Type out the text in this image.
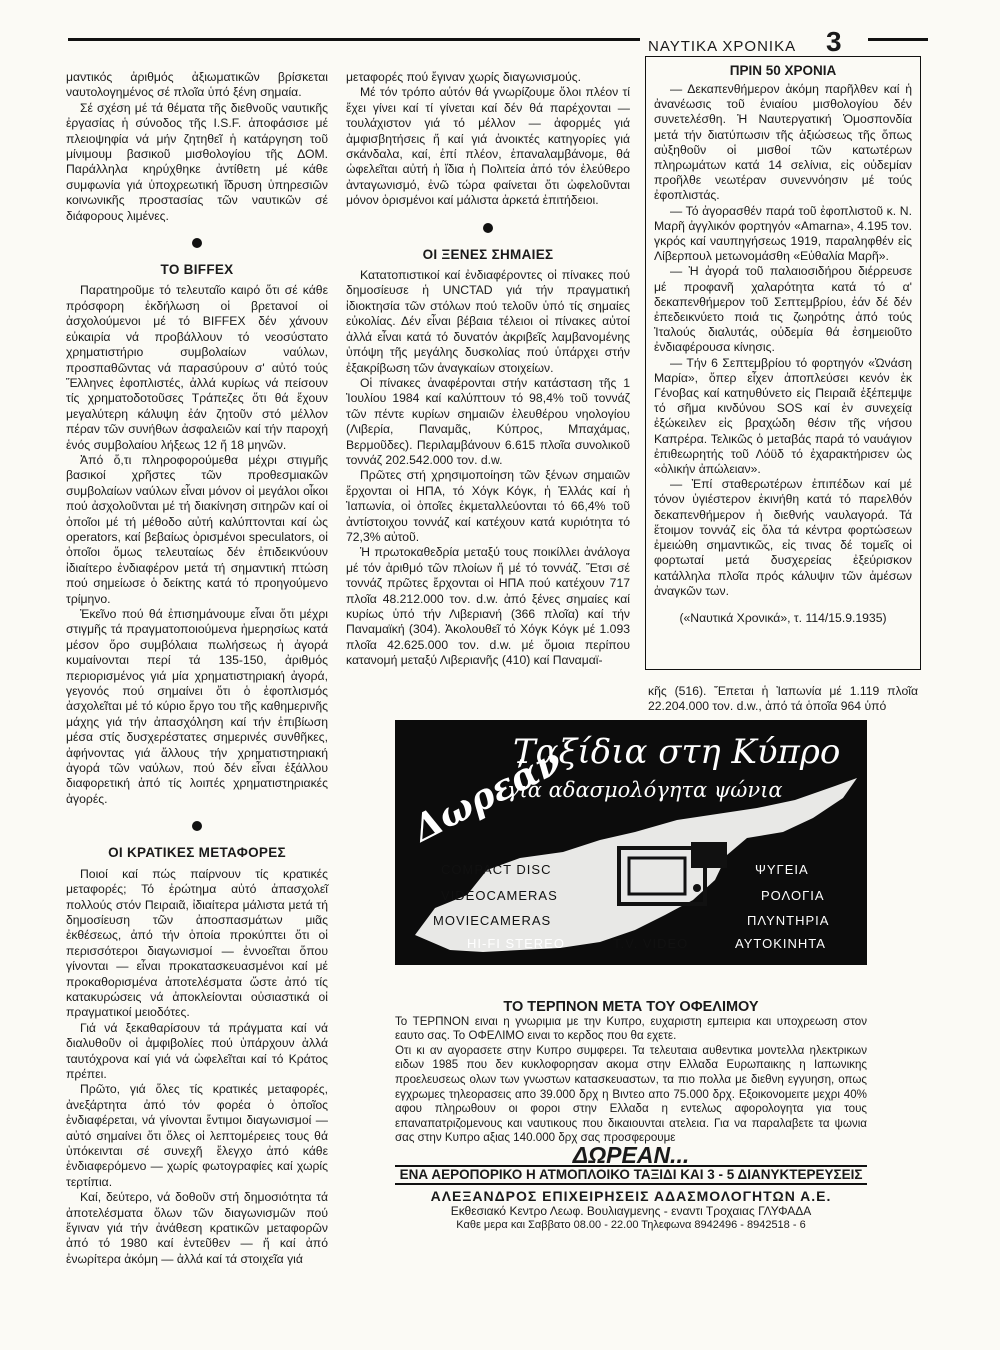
ΝΑΥΤΙΚΑ ΧΡΟΝΙΚΑ 3

μαντικός ἀριθμός ἀξιωματικῶν βρίσκεται ναυτολογημένος σέ πλοῖα ὑπό ξένη σημαία.

Σέ σχέση μέ τά θέματα τῆς διεθνοῦς ναυτικῆς ἐργασίας ἡ σύνοδος τῆς I.S.F. ἀποφάσισε μέ πλειοψηφία νά μήν ζητηθεῖ ἡ κατάργηση τοῦ μίνιμουμ βασικοῦ μισθολογίου τῆς ΔΟΜ. Παράλληλα κηρύχθηκε ἀντίθετη μέ κάθε συμφωνία γιά ὑποχρεωτική ἵδρυση ὑπηρεσιῶν κοινωνικῆς προστασίας τῶν ναυτικῶν σέ διάφορους λιμένες.

ΤΟ BIFFEX

Παρατηροῦμε τό τελευταῖο καιρό ὅτι σέ κάθε πρόσφορη ἐκδήλωση οἱ βρετανοί οἱ ἀσχολούμενοι μέ τό BIFFEX δέν χάνουν εὐκαιρία νά προβάλλουν τό νεοσύστατο χρηματιστήριο συμβολαίων ναύλων, προσπαθῶντας νά παρασύρουν σ' αὐτό τούς Ἕλληνες ἐφοπλιστές, ἀλλά κυρίως νά πείσουν τίς χρηματοδοτοῦσες Τράπεζες ὅτι θά ἔχουν μεγαλύτερη κάλυψη ἐάν ζητοῦν στό μέλλον πέραν τῶν συνήθων ἀσφαλειῶν καί τήν παροχή ἑνός συμβολαίου λήξεως 12 ἤ 18 μηνῶν.

Ἀπό ὅ,τι πληροφορούμεθα μέχρι στιγμῆς βασικοί χρῆστες τῶν προθεσμιακῶν συμβολαίων ναύλων εἶναι μόνον οἱ μεγάλοι οἶκοι πού ἀσχολοῦνται μέ τή διακίνηση σιτηρῶν καί οἱ ὁποῖοι μέ τή μέθοδο αὐτή καλύπτονται καί ὡς operators, καί βεβαίως ὁρισμένοι speculators, οἱ ὁποῖοι ὅμως τελευταίως δέν ἐπιδεικνύουν ἰδιαίτερο ἐνδιαφέρον μετά τή σημαντική πτώση πού σημείωσε ὁ δείκτης κατά τό προηγούμενο τρίμηνο.

Ἐκεῖνο πού θά ἐπισημάνουμε εἶναι ὅτι μέχρι στιγμῆς τά πραγματοποιούμενα ἡμερησίως κατά μέσον ὅρο συμβόλαια πωλήσεως ἡ ἀγορά κυμαίνονται περί τά 135-150, ἀριθμός περιορισμένος γιά μία χρηματιστηριακή ἀγορά, γεγονός πού σημαίνει ὅτι ὁ ἐφοπλισμός ἀσχολεῖται μέ τό κύριο ἔργο του τῆς καθημερινῆς μάχης γιά τήν ἀπασχόληση καί τήν ἐπιβίωση μέσα στίς δυσχερέστατες σημερινές συνθῆκες, ἀφήνοντας γιά ἄλλους τήν χρηματιστηριακή ἀγορά τῶν ναύλων, πού δέν εἶναι ἐξάλλου διαφορετική ἀπό τίς λοιπές χρηματιστηριακές ἀγορές.

ΟΙ ΚΡΑΤΙΚΕΣ ΜΕΤΑΦΟΡΕΣ

Ποιοί καί πώς παίρνουν τίς κρατικές μεταφορές; Τό ἐρώτημα αὐτό ἀπασχολεῖ πολλούς στόν Πειραιᾶ, ἰδιαίτερα μάλιστα μετά τή δημοσίευση τῶν ἀποσπασμάτων μιᾶς ἐκθέσεως, ἀπό τήν ὁποία προκύπτει ὅτι οἱ περισσότεροι διαγωνισμοί — ἐννοεῖται ὅπου γίνονται — εἶναι προκατασκευασμένοι καί μέ προκαθορισμένα ἀποτελέσματα ὥστε ἀπό τίς κατακυρώσεις νά ἀποκλείονται οὐσιαστικά οἱ πραγματικοί μειοδότες.

Γιά νά ξεκαθαρίσουν τά πράγματα καί νά διαλυθοῦν οἱ ἀμφιβολίες πού ὑπάρχουν ἀλλά ταυτόχρονα καί γιά νά ὠφελεῖται καί τό Κράτος πρέπει.

Πρῶτο, γιά ὅλες τίς κρατικές μεταφορές, ἀνεξάρτητα ἀπό τόν φορέα ὁ ὁποῖος ἐνδιαφέρεται, νά γίνονται ἔντιμοι διαγωνισμοί — αὐτό σημαίνει ὅτι ὅλες οἱ λεπτομέρειες τους θά ὑπόκεινται σέ συνεχῆ ἔλεγχο ἀπό κάθε ἐνδιαφερόμενο — χωρίς φωτογραφίες καί χωρίς τερτίπια.

Καί, δεύτερο, νά δοθοῦν στή δημοσιότητα τά ἀποτελέσματα ὅλων τῶν διαγωνισμῶν πού ἔγιναν γιά τήν ἀνάθεση κρατικῶν μεταφορῶν ἀπό τό 1980 καί ἐντεῦθεν — ἤ καί ἀπό ἐνωρίτερα ἀκόμη — ἀλλά καί τά στοιχεῖα γιά

μεταφορές πού ἔγιναν χωρίς διαγωνισμούς.

Μέ τόν τρόπο αὐτόν θά γνωρίζουμε ὅλοι πλέον τί ἔχει γίνει καί τί γίνεται καί δέν θά παρέχονται — τουλάχιστον γιά τό μέλλον — ἀφορμές γιά ἀμφισβητήσεις ἤ καί γιά ἀνοικτές κατηγορίες γιά σκάνδαλα, καί, ἐπί πλέον, ἐπαναλαμβάνομε, θά ὠφελεῖται αὐτή ἡ ἴδια ἡ Πολιτεία ἀπό τόν ἐλεύθερο ἀνταγωνισμό, ἐνῶ τώρα φαίνεται ὅτι ὠφελοῦνται μόνον ὁρισμένοι καί μάλιστα ἀρκετά ἐπιτήδειοι.

ΟΙ ΞΕΝΕΣ ΣΗΜΑΙΕΣ

Κατατοπιστικοί καί ἐνδιαφέροντες οἱ πίνακες πού δημοσίευσε ἡ UNCTAD γιά τήν πραγματική ἰδιοκτησία τῶν στόλων πού τελοῦν ὑπό τίς σημαίες εὐκολίας. Δέν εἶναι βέβαια τέλειοι οἱ πίνακες αὐτοί ἀλλά εἶναι κατά τό δυνατόν ἀκριβεῖς λαμβανομένης ὑπόψη τῆς μεγάλης δυσκολίας πού ὑπάρχει στήν ἐξακρίβωση τῶν ἀναγκαίων στοιχείων.

Οἱ πίνακες ἀναφέρονται στήν κατάσταση τῆς 1 Ἰουλίου 1984 καί καλύπτουν τό 98,4% τοῦ τοννάζ τῶν πέντε κυρίων σημαιῶν ἐλευθέρου νηολογίου (Λιβερία, Παναμᾶς, Κύπρος, Μπαχάμας, Βερμοῦδες). Περιλαμβάνουν 6.615 πλοῖα συνολικοῦ τοννάζ 202.542.000 τον. d.w.

Πρῶτες στή χρησιμοποίηση τῶν ξένων σημαιῶν ἔρχονται οἱ ΗΠΑ, τό Χόγκ Κόγκ, ἡ Ἑλλάς καί ἡ Ἰαπωνία, οἱ ὁποῖες ἐκμεταλλεύονται τό 66,4% τοῦ ἀντίστοιχου τοννάζ καί κατέχουν κατά κυριότητα τό 72,3% αὐτοῦ.

Ἡ πρωτοκαθεδρία μεταξύ τους ποικίλλει ἀνάλογα μέ τόν ἀριθμό τῶν πλοίων ἤ μέ τό τοννάζ. Ἔτσι σέ τοννάζ πρῶτες ἔρχονται οἱ ΗΠΑ πού κατέχουν 717 πλοῖα 48.212.000 τον. d.w. ἀπό ξένες σημαίες καί κυρίως ὑπό τήν Λιβεριανή (366 πλοῖα) καί τήν Παναμαϊκή (304). Ἀκολουθεῖ τό Χόγκ Κόγκ μέ 1.093 πλοῖα 42.625.000 τον. d.w. μέ ὅμοια περίπου κατανομή μεταξύ Λιβεριανῆς (410) καί Παναμαϊ-

κῆς (516). Ἔπεται ἡ Ἰαπωνία μέ 1.119 πλοῖα 22.204.000 τον. d.w., ἀπό τά ὁποῖα 964 ὑπό

ΠΡΙΝ 50 ΧΡΟΝΙΑ

— Δεκαπενθήμερον ἀκόμη παρῆλθεν καί ἡ ἀνανέωσις τοῦ ἑνιαίου μισθολογίου δέν συνετελέσθη. Ἡ Ναυτεργατική Ὁμοσπονδία μετά τήν διατύπωσιν τῆς ἀξιώσεως τῆς ὅπως αὐξηθοῦν οἱ μισθοί τῶν κατωτέρων πληρωμάτων κατά 14 σελίνια, εἰς οὐδεμίαν προῆλθε νεωτέραν συνεννόησιν μέ τούς ἐφοπλιστάς.

— Τό ἀγορασθέν παρά τοῦ ἐφοπλιστοῦ κ. Ν. Μαρῆ ἀγγλικόν φορτηγόν «Amarna», 4.195 τον. γκρός καί ναυπηγήσεως 1919, παραληφθέν εἰς Λίβερπουλ μετωνομάσθη «Εὐθαλία Μαρῆ».

— Ἡ ἀγορά τοῦ παλαιοσιδήρου διέρρευσε μέ προφανῆ χαλαρότητα κατά τό α' δεκαπενθήμερον τοῦ Σεπτεμβρίου, ἐάν δέ δέν ἐπεδεικνύετο ποιά τις ζωηρότης ἀπό τούς Ἰταλούς διαλυτάς, οὐδεμία θά ἐσημειοῦτο ἐνδιαφέρουσα κίνησις.

— Τήν 6 Σεπτεμβρίου τό φορτηγόν «Ὠνάση Μαρία», ὅπερ εἶχεν ἀποπλεύσει κενόν ἐκ Γένοβας καί κατηυθύνετο εἰς Πειραιᾶ ἐξέπεμψε τό σῆμα κινδύνου SOS καί ἐν συνεχείᾳ ἐξώκειλεν εἰς βραχώδη θέσιν τῆς νήσου Καπρέρα. Τελικῶς ὁ μεταβάς παρά τό ναυάγιον ἐπιθεωρητής τοῦ Λόϋδ τό ἐχαρακτήρισεν ὡς «ὁλικήν ἀπώλειαν».

— Ἐπί σταθερωτέρων ἐπιπέδων καί μέ τόνον ὑγιέστερον ἐκινήθη κατά τό παρελθόν δεκαπενθήμερον ἡ διεθνής ναυλαγορά. Τά ἕτοιμον τοννάζ εἰς ὅλα τά κέντρα φορτώσεων ἐμειώθη σημαντικῶς, εἰς τινας δέ τομεῖς οἱ φορτωταί μετά δυσχερείας ἐξεύρισκον κατάλληλα πλοῖα πρός κάλυψιν τῶν ἀμέσων ἀναγκῶν των.

(«Ναυτικά Χρονικά», τ. 114/15.9.1935)

Δωρεάν
Ταξίδια στη Κύπρο
για αδασμολόγητα ψώνια
COMPACT DISC
VIDEOCAMERAS
MOVIECAMERAS
HI-FI STEREO	T.V. VIDEO
ΨΥΓΕΙΑ
ΡΟΛΟΓΙΑ
ΠΛΥΝΤΗΡΙΑ
ΑΥΤΟΚΙΝΗΤΑ
ΤΟ ΤΕΡΠΝΟΝ ΜΕΤΑ ΤΟΥ ΟΦΕΛΙΜΟΥ
Το ΤΕΡΠΝΟΝ ειναι η γνωριμια με την Κυπρο, ευχαριστη εμπειρια και υποχρεωση στον εαυτο σας. Το ΟΦΕΛΙΜΟ ειναι το κερδος που θα εχετε.
Οτι κι αν αγορασετε στην Κυπρο συμφερει. Τα τελευταια αυθεντικα μοντελλα ηλεκτρικων ειδων 1985 που δεν κυκλοφορησαν ακομα στην Ελλαδα Ευρωπαικης η Ιαπωνικης προελευσεως ολων των γνωστων κατασκευαστων, τα πιο πολλα με διεθνη εγγυηση, οπως εγχρωμες τηλεορασεις απο 39.000 δρχ η Βιντεο απο 75.000 δρχ. Εξοικονομειτε μεχρι 40% αφου πληρωθουν οι φοροι στην Ελλαδα η εντελως αφορολογητα για τους επαναπατριζομενους και ναυτικους που δικαιουνται ατελεια. Για να παραλαβετε τα ψωνια σας στην Κυπρο αξιας 140.000 δρχ σας προσφερουμε
ΔΩΡΕΑΝ...
ΕΝΑ ΑΕΡΟΠΟΡΙΚΟ Η ΑΤΜΟΠΛΟΙΚΟ ΤΑΞΙΔΙ ΚΑΙ 3 - 5 ΔΙΑΝΥΚΤΕΡΕΥΣΕΙΣ
ΑΛΕΞΑΝΔΡΟΣ ΕΠΙΧΕΙΡΗΣΕΙΣ ΑΔΑΣΜΟΛΟΓΗΤΩΝ Α.Ε.
Εκθεσιακό Κεντρο Λεωφ. Βουλιαγμενης - εναντι Τροχαιας ΓΛΥΦΑΔΑ
Καθε μερα και Σαββατο 08.00 - 22.00 Τηλεφωνα 8942496 - 8942518 - 6
